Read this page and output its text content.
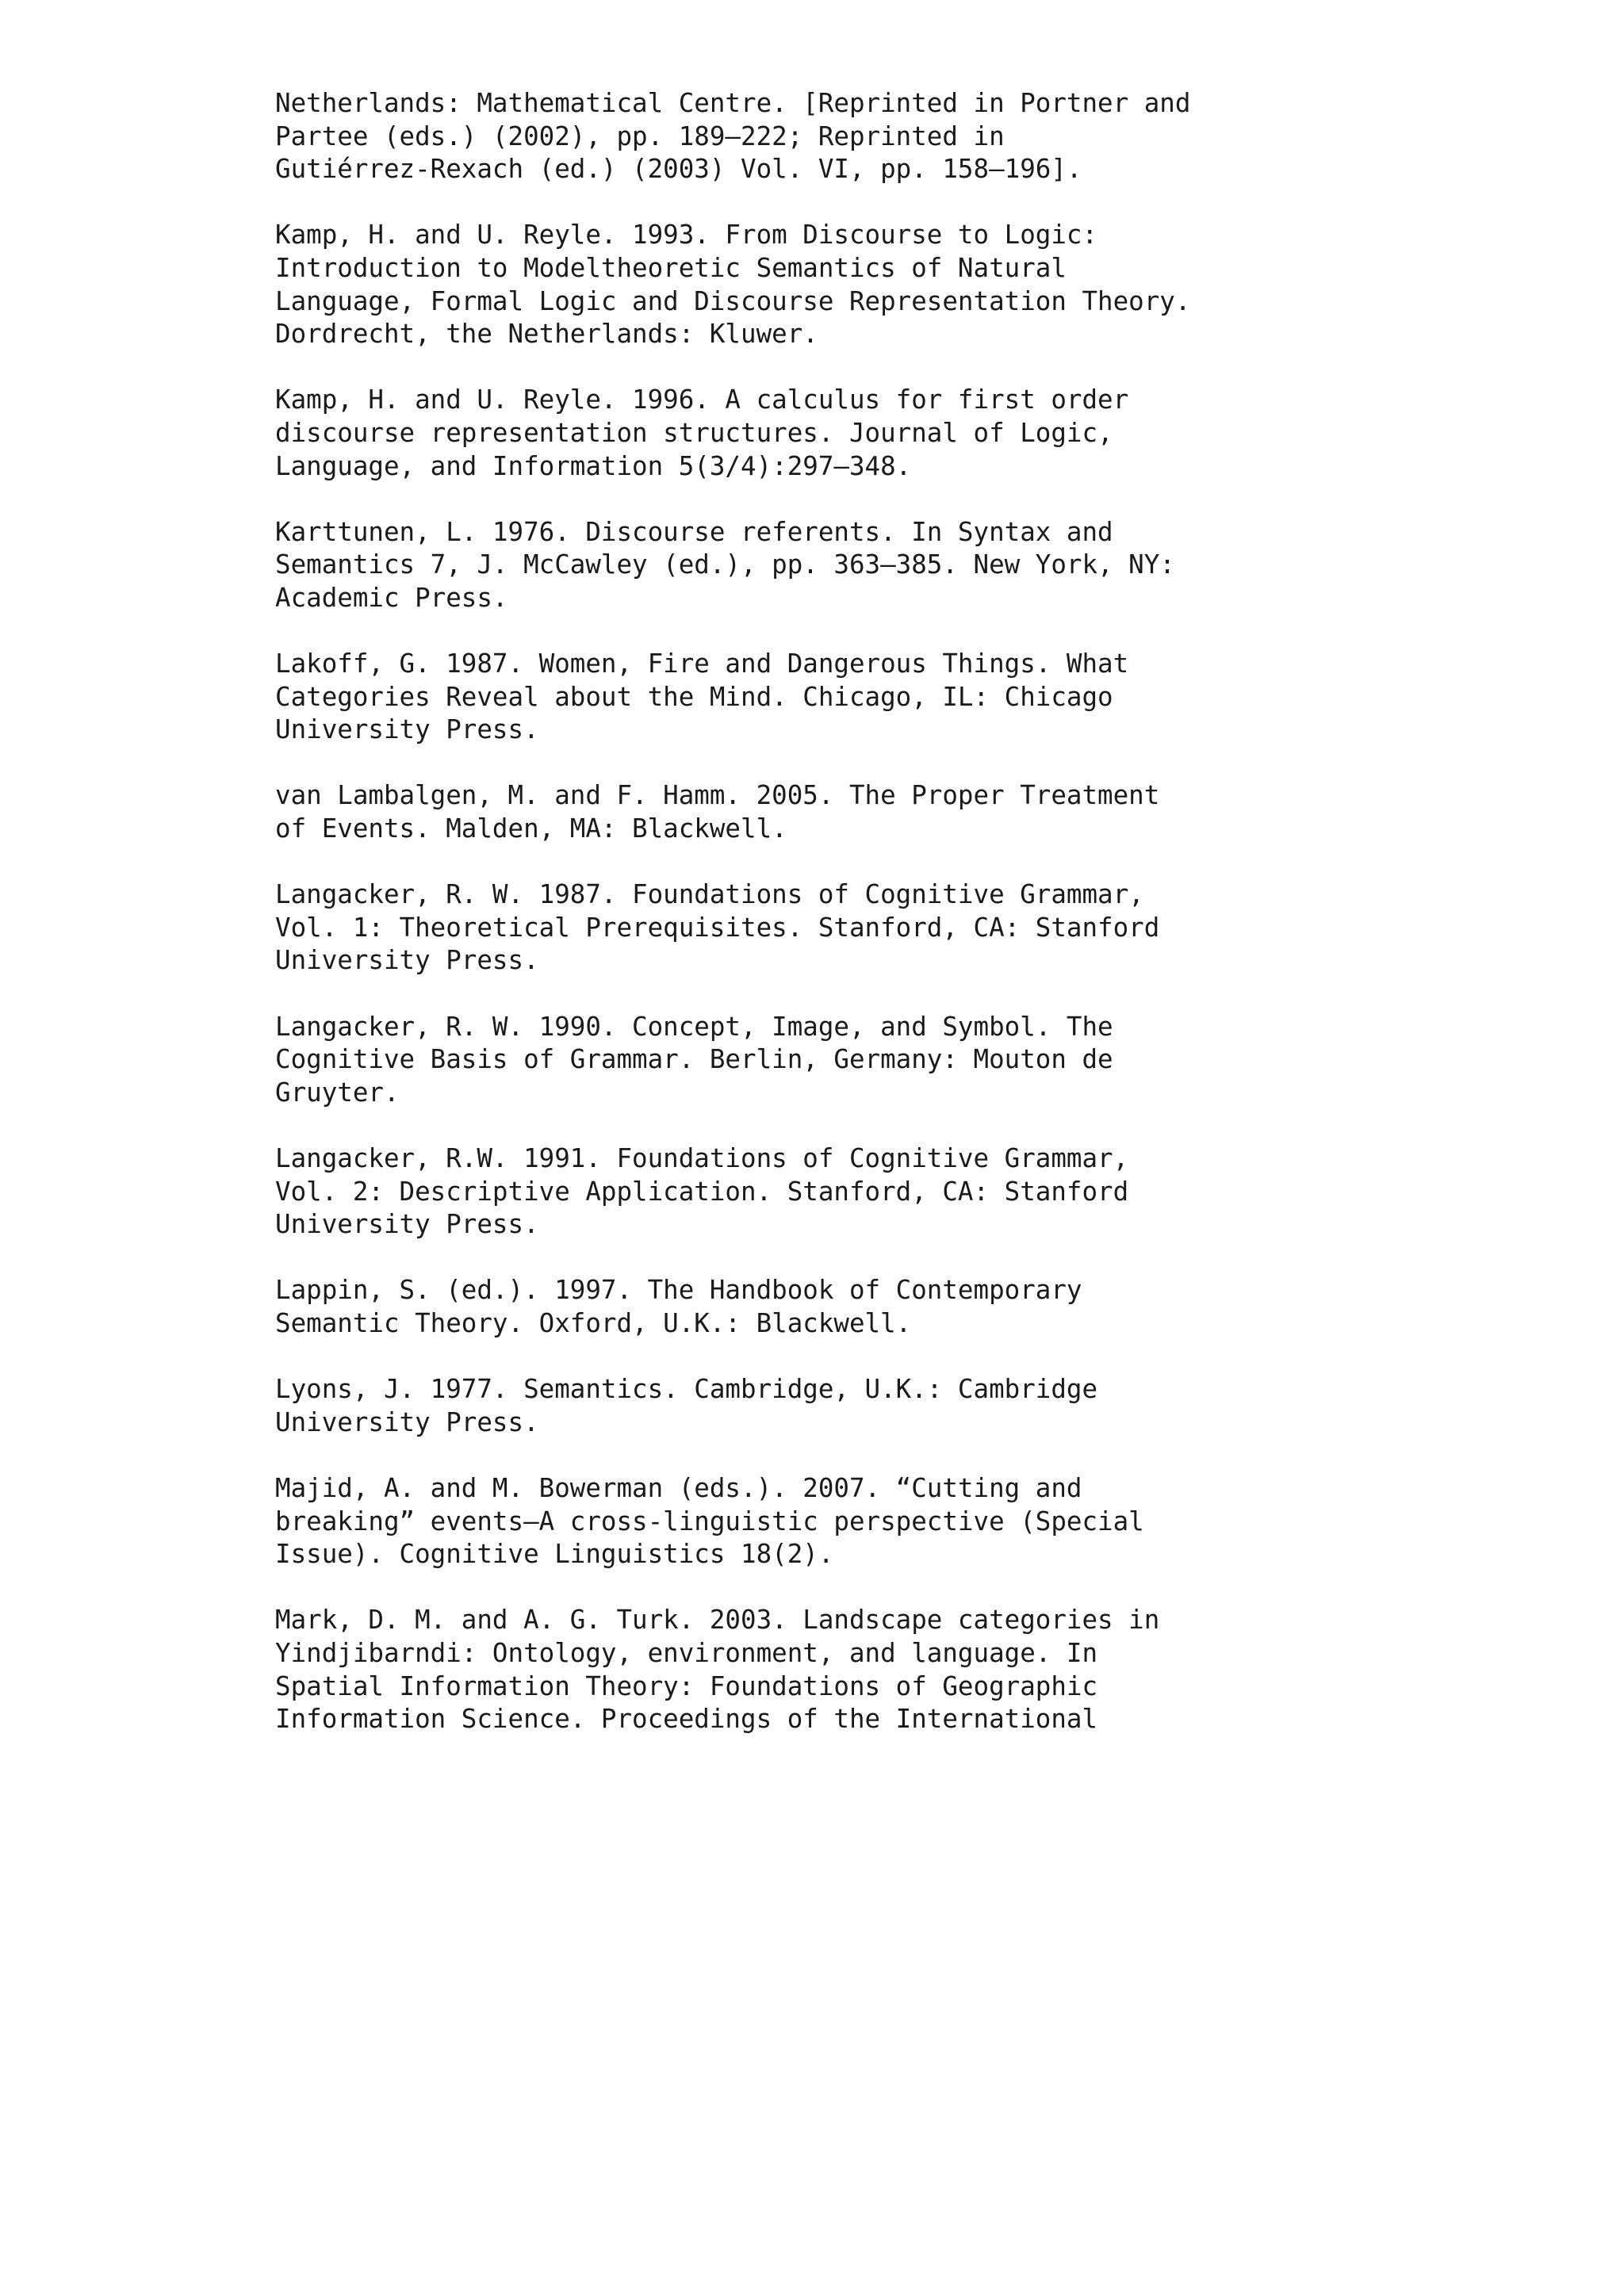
Netherlands: Mathematical Centre. [Reprinted in Portner and
Partee (eds.) (2002), pp. 189–222; Reprinted in
Gutiérrez-Rexach (ed.) (2003) Vol. VI, pp. 158–196].
Kamp, H. and U. Reyle. 1993. From Discourse to Logic:
Introduction to Modeltheoretic Semantics of Natural
Language, Formal Logic and Discourse Representation Theory.
Dordrecht, the Netherlands: Kluwer.
Kamp, H. and U. Reyle. 1996. A calculus for first order
discourse representation structures. Journal of Logic,
Language, and Information 5(3/4):297–348.
Karttunen, L. 1976. Discourse referents. In Syntax and
Semantics 7, J. McCawley (ed.), pp. 363–385. New York, NY:
Academic Press.
Lakoff, G. 1987. Women, Fire and Dangerous Things. What
Categories Reveal about the Mind. Chicago, IL: Chicago
University Press.
van Lambalgen, M. and F. Hamm. 2005. The Proper Treatment
of Events. Malden, MA: Blackwell.
Langacker, R. W. 1987. Foundations of Cognitive Grammar,
Vol. 1: Theoretical Prerequisites. Stanford, CA: Stanford
University Press.
Langacker, R. W. 1990. Concept, Image, and Symbol. The
Cognitive Basis of Grammar. Berlin, Germany: Mouton de
Gruyter.
Langacker, R.W. 1991. Foundations of Cognitive Grammar,
Vol. 2: Descriptive Application. Stanford, CA: Stanford
University Press.
Lappin, S. (ed.). 1997. The Handbook of Contemporary
Semantic Theory. Oxford, U.K.: Blackwell.
Lyons, J. 1977. Semantics. Cambridge, U.K.: Cambridge
University Press.
Majid, A. and M. Bowerman (eds.). 2007. “Cutting and
breaking” events—A cross-linguistic perspective (Special
Issue). Cognitive Linguistics 18(2).
Mark, D. M. and A. G. Turk. 2003. Landscape categories in
Yindjibarndi: Ontology, environment, and language. In
Spatial Information Theory: Foundations of Geographic
Information Science. Proceedings of the International
